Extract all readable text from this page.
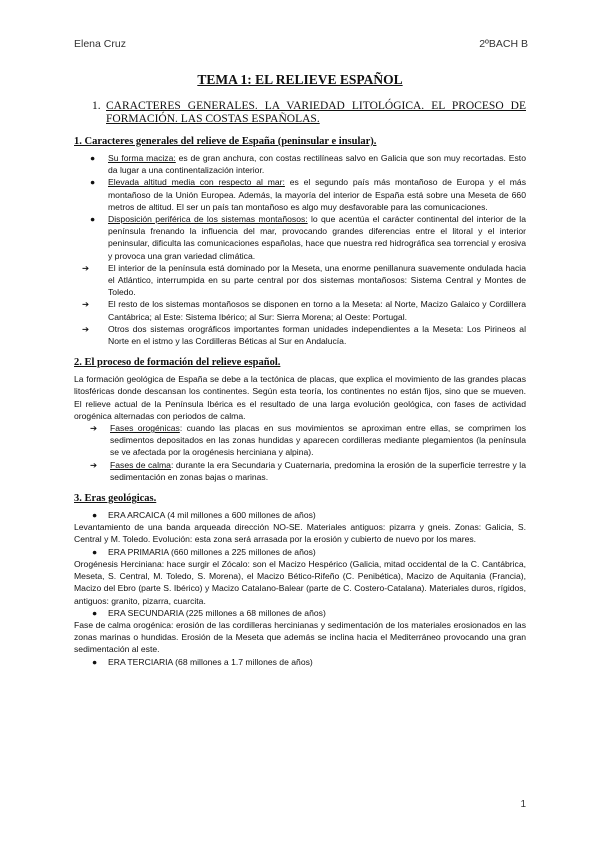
Elena Cruz	2ºBACH B
TEMA 1: EL RELIEVE ESPAÑOL
1. CARACTERES GENERALES. LA VARIEDAD LITOLÓGICA. EL PROCESO DE FORMACIÓN. LAS COSTAS ESPAÑOLAS.
1. Caracteres generales del relieve de España (peninsular e insular).
●	Su forma maciza: es de gran anchura, con costas rectilíneas salvo en Galicia que son muy recortadas. Esto da lugar a una continentalización interior.
●	Elevada altitud media con respecto al mar: es el segundo país más montañoso de Europa y el más montañoso de la Unión Europea. Además, la mayoría del interior de España está sobre una Meseta de 660 metros de altitud. El ser un país tan montañoso es algo muy desfavorable para las comunicaciones.
●	Disposición periférica de los sistemas montañosos: lo que acentúa el carácter continental del interior de la península frenando la influencia del mar, provocando grandes diferencias entre el litoral y el interior peninsular, dificulta las comunicaciones españolas, hace que nuestra red hidrográfica sea torrencial y erosiva y provoca una gran variedad climática.
➔	El interior de la península está dominado por la Meseta, una enorme penillanura suavemente ondulada hacia el Atlántico, interrumpida en su parte central por dos sistemas montañosos: Sistema Central y Montes de Toledo.
➔	El resto de los sistemas montañosos se disponen en torno a la Meseta: al Norte, Macizo Galaico y Cordillera Cantábrica; al Este: Sistema Ibérico; al Sur: Sierra Morena; al Oeste: Portugal.
➔	Otros dos sistemas orográficos importantes forman unidades independientes a la Meseta: Los Pirineos al Norte en el istmo y las Cordilleras Béticas al Sur en Andalucía.
2. El proceso de formación del relieve español.
La formación geológica de España se debe a la tectónica de placas, que explica el movimiento de las grandes placas litosféricas donde descansan los continentes. Según esta teoría, los continentes no están fijos, sino que se mueven. El relieve actual de la Península Ibérica es el resultado de una larga evolución geológica, con fases de actividad orogénica alternadas con periodos de calma.
➔	Fases orogénicas: cuando las placas en sus movimientos se aproximan entre ellas, se comprimen los sedimentos depositados en las zonas hundidas y aparecen cordilleras mediante plegamientos (la península se ve afectada por la orogénesis herciniana y alpina).
➔	Fases de calma: durante la era Secundaria y Cuaternaria, predomina la erosión de la superficie terrestre y la sedimentación en zonas bajas o marinas.
3. Eras geológicas.
● ERA ARCAICA (4 mil millones a 600 millones de años)
Levantamiento de una banda arqueada dirección NO-SE. Materiales antiguos: pizarra y gneis. Zonas: Galicia, S. Central y M. Toledo. Evolución: esta zona será arrasada por la erosión y cubierto de nuevo por los mares.
● ERA PRIMARIA (660 millones a 225 millones de años)
Orogénesis Herciniana: hace surgir el Zócalo: son el Macizo Hespérico (Galicia, mitad occidental de la C. Cantábrica, Meseta, S. Central, M. Toledo, S. Morena), el Macizo Bético-Rifeño (C. Penibética), Macizo de Aquitania (Francia), Macizo del Ebro (parte S. Ibérico) y Macizo Catalano-Balear (parte de C. Costero-Catalana). Materiales duros, rígidos, antiguos: granito, pizarra, cuarcita.
● ERA SECUNDARIA (225 millones a 68 millones de años)
Fase de calma orogénica: erosión de las cordilleras hercinianas y sedimentación de los materiales erosionados en las zonas marinas o hundidas. Erosión de la Meseta que además se inclina hacia el Mediterráneo provocando una gran sedimentación al este.
● ERA TERCIARIA (68 millones a 1.7 millones de años)
1
